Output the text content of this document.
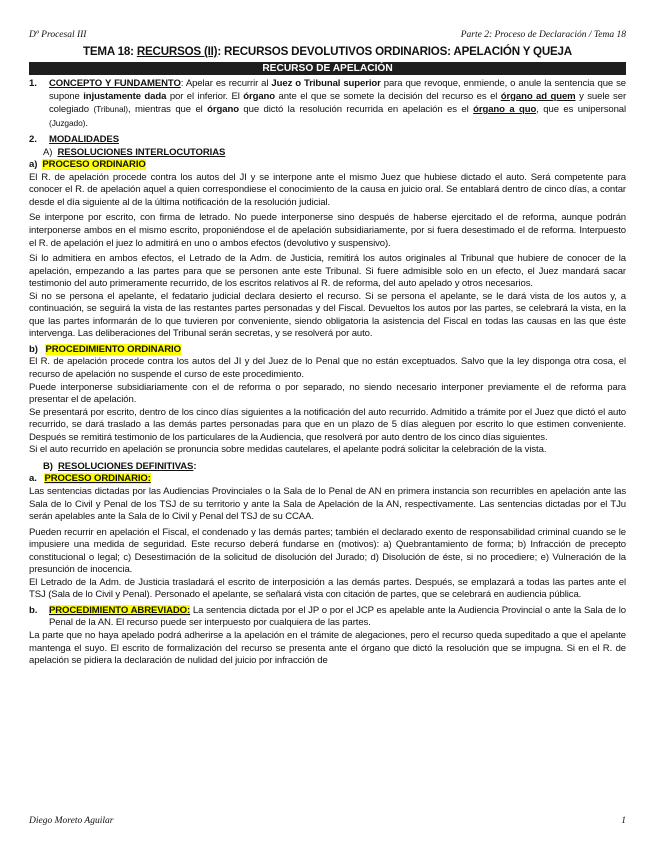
Dº Procesal III	Parte 2: Proceso de Declaración / Tema 18
TEMA 18: RECURSOS (II): RECURSOS DEVOLUTIVOS ORDINARIOS: APELACIÓN Y QUEJA
RECURSO DE APELACIÓN
1.	CONCEPTO Y FUNDAMENTO: Apelar es recurrir al Juez o Tribunal superior para que revoque, enmiende, o anule la sentencia que se supone injustamente dada por el inferior. El órgano ante el que se somete la decisión del recurso es el órgano ad quem y suele ser colegiado (Tribunal), mientras que el órgano que dictó la resolución recurrida en apelación es el órgano a quo, que es unipersonal (Juzgado).

2.	MODALIDADES

A) RESOLUCIONES INTERLOCUTORIAS

a) PROCESO ORDINARIO

El R. de apelación procede contra los autos del JI y se interpone ante el mismo Juez que hubiese dictado el auto. Será competente para conocer el R. de apelación aquel a quien correspondiese el conocimiento de la causa en juicio oral. Se entablará dentro de cinco días, a contar desde el día siguiente al de la última notificación de la resolución judicial.

Se interpone por escrito, con firma de letrado. No puede interponerse sino después de haberse ejercitado el de reforma, aunque podrán interponerse ambos en el mismo escrito, proponiéndose el de apelación subsidiariamente, por si fuera desestimado el de reforma. Interpuesto el R. de apelación el juez lo admitirá en uno o ambos efectos (devolutivo y suspensivo).

Si lo admitiera en ambos efectos, el Letrado de la Adm. de Justicia, remitirá los autos originales al Tribunal que hubiere de conocer de la apelación, empezando a las partes para que se personen ante este Tribunal. Si fuere admisible solo en un efecto, el Juez mandará sacar testimonio del auto primeramente recurrido, de los escritos relativos al R. de reforma, del auto apelado y otros necesarios.

Si no se persona el apelante, el fedatario judicial declara desierto el recurso. Si se persona el apelante, se le dará vista de los autos y, a continuación, se seguirá la vista de las restantes partes personadas y del Fiscal. Devueltos los autos por las partes, se celebrará la vista, en la que las partes informarán de lo que tuvieren por conveniente, siendo obligatoria la asistencia del Fiscal en todas las causas en las que éste intervenga. Las deliberaciones del Tribunal serán secretas, y se resolverá por auto.

b) PROCEDIMIENTO ORDINARIO

El R. de apelación procede contra los autos del JI y del Juez de lo Penal que no están exceptuados. Salvo que la ley disponga otra cosa, el recurso de apelación no suspende el curso de este procedimiento.

Puede interponerse subsidiariamente con el de reforma o por separado, no siendo necesario interponer previamente el de reforma para presentar el de apelación.

Se presentará por escrito, dentro de los cinco días siguientes a la notificación del auto recurrido. Admitido a trámite por el Juez que dictó el auto recurrido, se dará traslado a las demás partes personadas para que en un plazo de 5 días aleguen por escrito lo que estimen conveniente. Después se remitirá testimonio de los particulares de la Audiencia, que resolverá por auto dentro de los cinco días siguientes.

Si el auto recurrido en apelación se pronuncia sobre medidas cautelares, el apelante podrá solicitar la celebración de la vista.

B) RESOLUCIONES DEFINITIVAS:

a. PROCESO ORDINARIO:

Las sentencias dictadas por las Audiencias Provinciales o la Sala de lo Penal de AN en primera instancia son recurribles en apelación ante las Sala de lo Civil y Penal de los TSJ de su territorio y ante la Sala de Apelación de la AN, respectivamente. Las sentencias dictadas por el TJu serán apelables ante la Sala de lo Civil y Penal del TSJ de su CCAA.

Pueden recurrir en apelación el Fiscal, el condenado y las demás partes; también el declarado exento de responsabilidad criminal cuando se le impusiere una medida de seguridad. Este recurso deberá fundarse en (motivos): a) Quebrantamiento de forma; b) Infracción de precepto constitucional o legal; c) Desestimación de la solicitud de disolución del Jurado; d) Disolución de éste, si no procediere; e) Vulneración de la presunción de inocencia.

El Letrado de la Adm. de Justicia trasladará el escrito de interposición a las demás partes. Después, se emplazará a todas las partes ante el TSJ (Sala de lo Civil y Penal). Personado el apelante, se señalará vista con citación de partes, que se celebrará en audiencia pública.

b.	PROCEDIMIENTO ABREVIADO: La sentencia dictada por el JP o por el JCP es apelable ante la Audiencia Provincial o ante la Sala de lo Penal de la AN. El recurso puede ser interpuesto por cualquiera de las partes.

La parte que no haya apelado podrá adherirse a la apelación en el trámite de alegaciones, pero el recurso queda supeditado a que el apelante mantenga el suyo. El escrito de formalización del recurso se presenta ante el órgano que dictó la resolución que se impugna. Si en el R. de apelación se pidiera la declaración de nulidad del juicio por infracción de

Diego Moreto Aguilar	1
